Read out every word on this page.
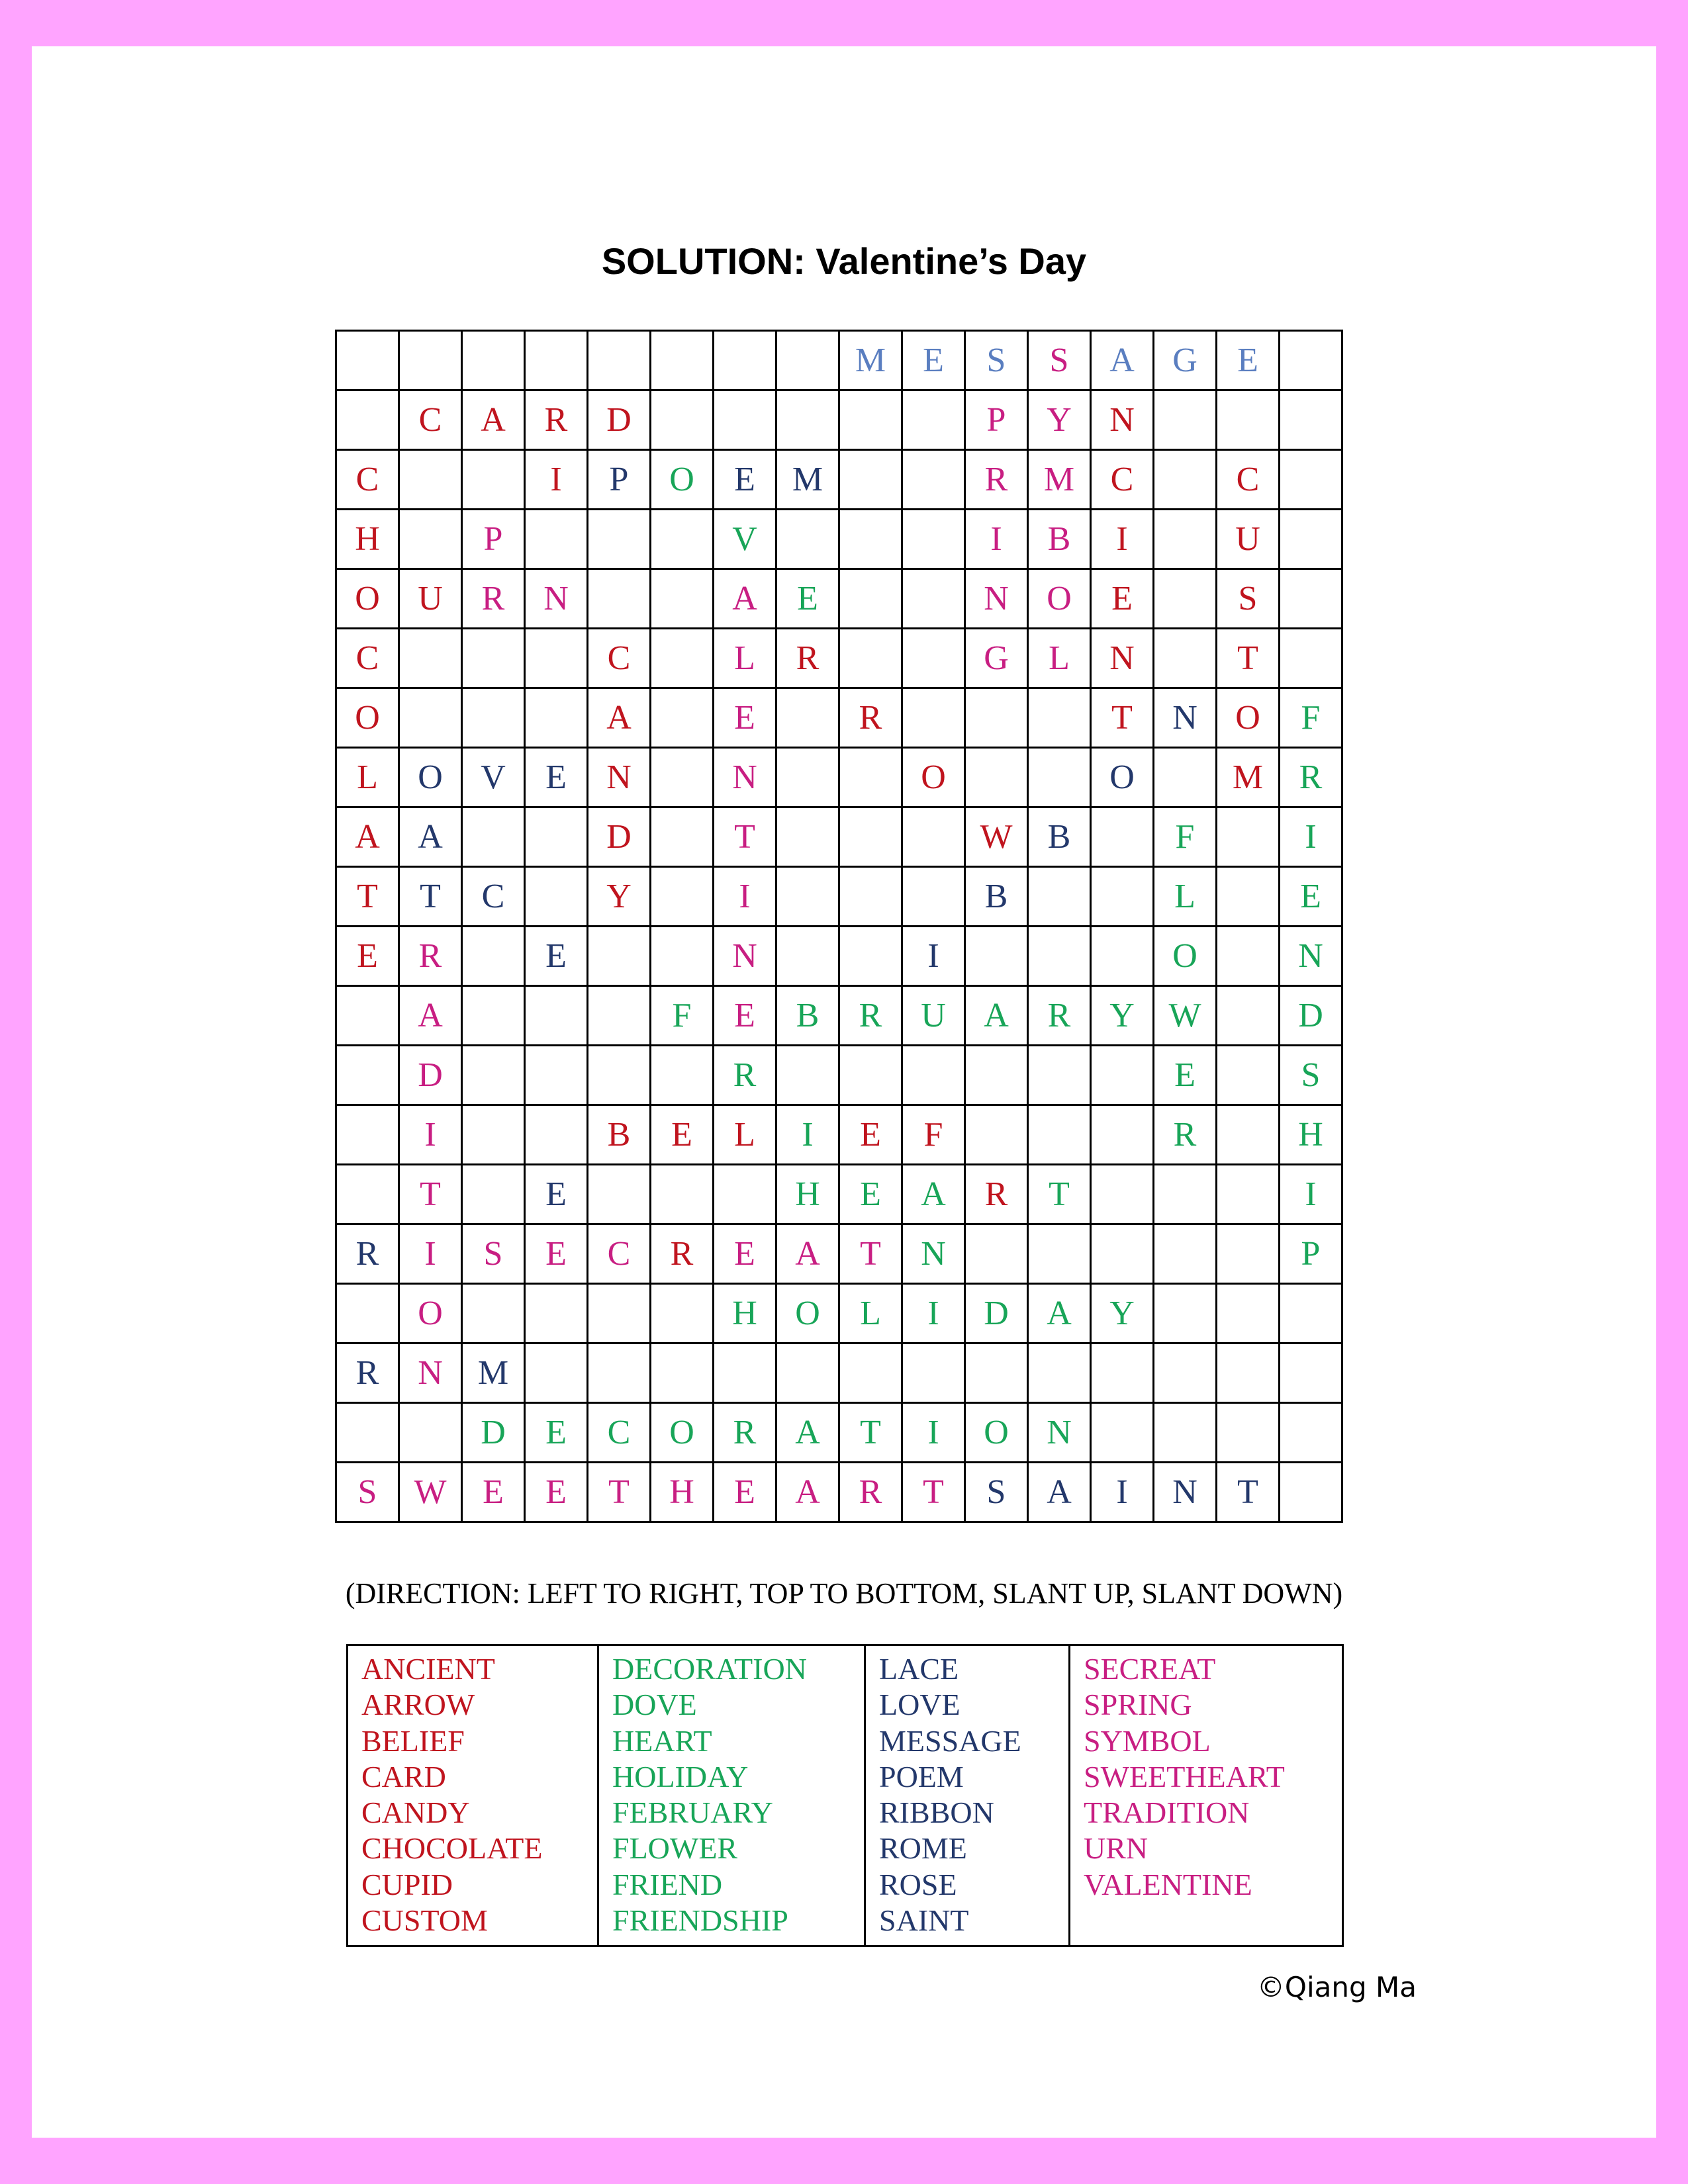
SOLUTION: Valentine’s Day
								M	E	S	S	A	G	E	
	C	A	R	D						P	Y	N			
C			I	P	O	E	M			R	M	C		C	
H		P				V				I	B	I		U	
O	U	R	N			A	E			N	O	E		S	
C				C		L	R			G	L	N		T	
O				A		E		R				T	N	O	F
L	O	V	E	N		N			O			O		M	R
A	A			D		T				W	B		F		I
T	T	C		Y		I				B			L		E
E	R		E			N			I				O		N
	A				F	E	B	R	U	A	R	Y	W		D
	D					R							E		S
	I			B	E	L	I	E	F				R		H
	T		E				H	E	A	R	T				I
R	I	S	E	C	R	E	A	T	N						P
	O					H	O	L	I	D	A	Y			
R	N	M													
		D	E	C	O	R	A	T	I	O	N				
S	W	E	E	T	H	E	A	R	T	S	A	I	N	T	
(DIRECTION: LEFT TO RIGHT, TOP TO BOTTOM, SLANT UP, SLANT DOWN)
ANCIENT
ARROW
BELIEF
CARD
CANDY
CHOCOLATE
CUPID
CUSTOM

DECORATION
DOVE
HEART
HOLIDAY
FEBRUARY
FLOWER
FRIEND
FRIENDSHIP

LACE
LOVE
MESSAGE
POEM
RIBBON
ROME
ROSE
SAINT

SECREAT
SPRING
SYMBOL
SWEETHEART
TRADITION
URN
VALENTINE
©Qiang Ma
